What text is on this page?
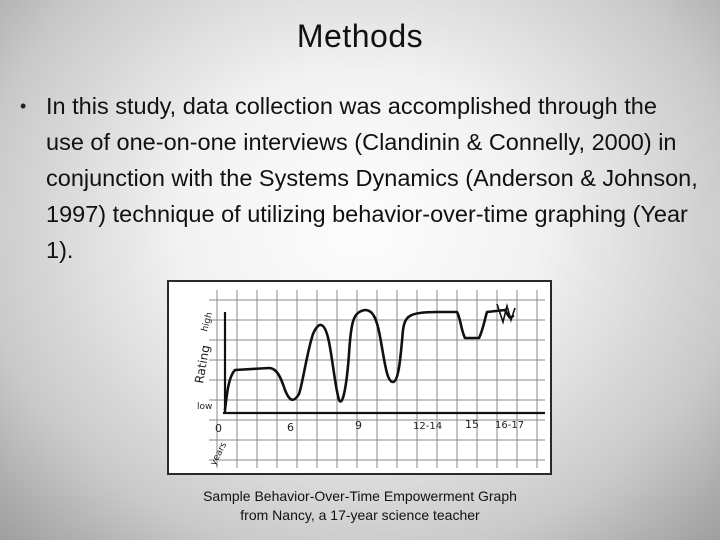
Methods
• In this study, data collection was accomplished through the use of one-on-one interviews (Clandinin & Connelly, 2000) in conjunction with the Systems Dynamics (Anderson & Johnson, 1997) technique of utilizing behavior-over-time graphing (Year 1).
Rating
high
low
0
years
6	9	12-14 15 16-17
Sample Behavior-Over-Time Empowerment Graph
from Nancy, a 17-year science teacher
